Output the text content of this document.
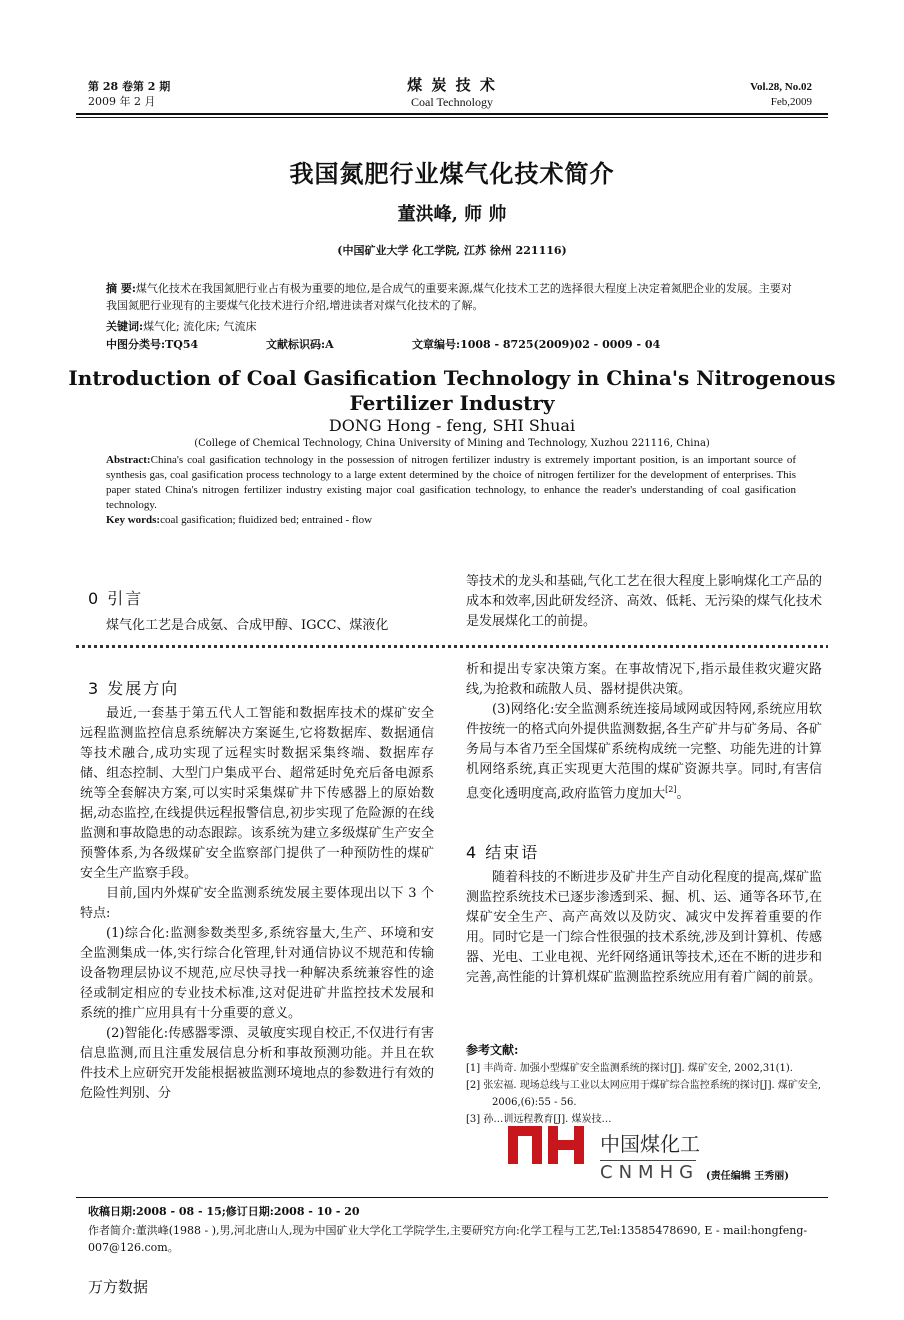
第 28 卷第 2 期
2009 年 2 月
煤 炭 技 术
Coal Technology
Vol.28, No.02
Feb,2009
我国氮肥行业煤气化技术简介
董洪峰, 师 帅
(中国矿业大学 化工学院, 江苏 徐州 221116)
摘 要:煤气化技术在我国氮肥行业占有极为重要的地位,是合成气的重要来源,煤气化技术工艺的选择很大程度上决定着氮肥企业的发展。主要对我国氮肥行业现有的主要煤气化技术进行介绍,增进读者对煤气化技术的了解。
关键词:煤气化; 流化床; 气流床
中图分类号:TQ54	文献标识码:A	文章编号:1008 - 8725(2009)02 - 0009 - 04
Introduction of Coal Gasification Technology in China's Nitrogenous Fertilizer Industry
DONG Hong - feng, SHI Shuai
(College of Chemical Technology, China University of Mining and Technology, Xuzhou 221116, China)
Abstract:China's coal gasification technology in the possession of nitrogen fertilizer industry is extremely important position, is an important source of synthesis gas, coal gasification process technology to a large extent determined by the choice of nitrogen fertilizer for the development of enterprises. This paper stated China's nitrogen fertilizer industry existing major coal gasification technology, to enhance the reader's understanding of coal gasification technology.
Key words:coal gasification; fluidized bed; entrained - flow
0 引言
煤气化工艺是合成氨、合成甲醇、IGCC、煤液化
等技术的龙头和基础,气化工艺在很大程度上影响煤化工产品的成本和效率,因此研发经济、高效、低耗、无污染的煤气化技术是发展煤化工的前提。
3 发展方向

最近,一套基于第五代人工智能和数据库技术的煤矿安全远程监测监控信息系统解决方案诞生,它将数据库、数据通信等技术融合,成功实现了远程实时数据采集终端、数据库存储、组态控制、大型门户集成平台、超常延时免充后备电源系统等全套解决方案,可以实时采集煤矿井下传感器上的原始数据,动态监控,在线提供远程报警信息,初步实现了危险源的在线监测和事故隐患的动态跟踪。该系统为建立多级煤矿生产安全预警体系,为各级煤矿安全监察部门提供了一种预防性的煤矿安全生产监察手段。

目前,国内外煤矿安全监测系统发展主要体现出以下 3 个特点:

(1)综合化:监测参数类型多,系统容量大,生产、环境和安全监测集成一体,实行综合化管理,针对通信协议不规范和传输设备物理层协议不规范,应尽快寻找一种解决系统兼容性的途径或制定相应的专业技术标准,这对促进矿井监控技术发展和系统的推广应用具有十分重要的意义。

(2)智能化:传感器零漂、灵敏度实现自校正,不仅进行有害信息监测,而且注重发展信息分析和事故预测功能。并且在软件技术上应研究开发能根据被监测环境地点的参数进行有效的危险性判别、分

析和提出专家决策方案。在事故情况下,指示最佳救灾避灾路线,为抢救和疏散人员、器材提供决策。

(3)网络化:安全监测系统连接局域网或因特网,系统应用软件按统一的格式向外提供监测数据,各生产矿井与矿务局、各矿务局与本省乃至全国煤矿系统构成统一完整、功能先进的计算机网络系统,真正实现更大范围的煤矿资源共享。同时,有害信息变化透明度高,政府监管力度加大[2]。

4 结束语

随着科技的不断进步及矿井生产自动化程度的提高,煤矿监测监控系统技术已逐步渗透到采、掘、机、运、通等各环节,在煤矿安全生产、高产高效以及防灾、减灾中发挥着重要的作用。同时它是一门综合性很强的技术系统,涉及到计算机、传感器、光电、工业电视、光纤网络通讯等技术,还在不断的进步和完善,高性能的计算机煤矿监测监控系统应用有着广阔的前景。

参考文献:
[1] 丰尚奇. 加强小型煤矿安全监测系统的探讨[J]. 煤矿安全, 2002,31(1).
[2] 张宏福. 现场总线与工业以太网应用于煤矿综合监控系统的探讨[J]. 煤矿安全, 2006,(6):55 - 56.
[3] 孙…训远程教育[J]. 煤炭技…
中国煤化工
CNMHG (责任编辑 王秀丽)
收稿日期:2008 - 08 - 15;修订日期:2008 - 10 - 20
作者简介:董洪峰(1988 - ),男,河北唐山人,现为中国矿业大学化工学院学生,主要研究方向:化学工程与工艺,Tel:13585478690, E - mail:hongfeng-007@126.com。
万方数据
